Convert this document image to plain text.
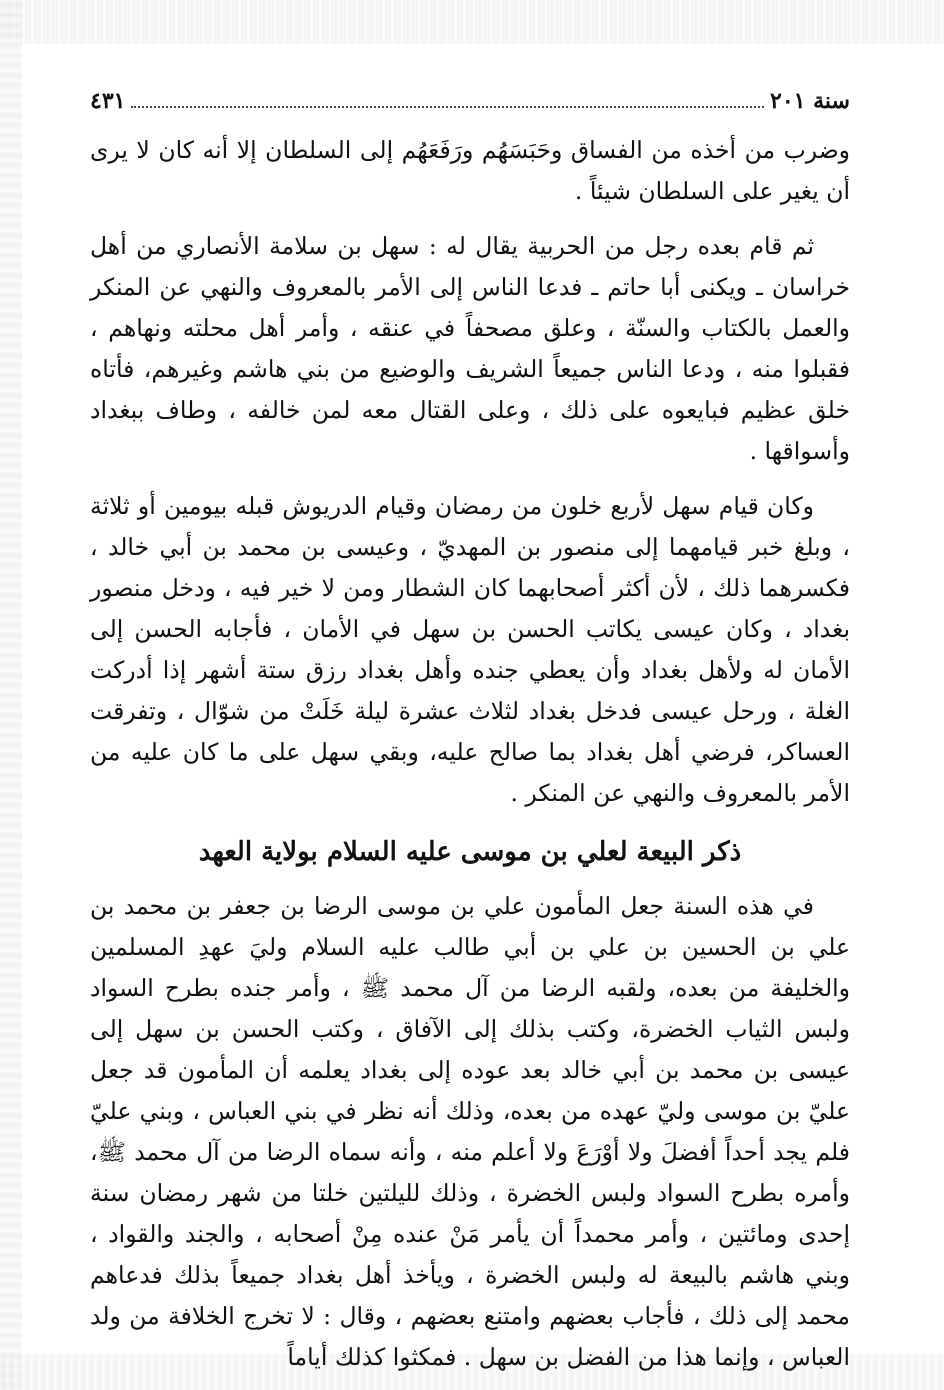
سنة ٢٠١
٤٣١

وضرب من أخذه من الفساق وحَبَسَهُم ورَفَعَهُم إلى السلطان إلا أنه كان لا يرى أن يغير على السلطان شيئاً .

ثم قام بعده رجل من الحربية يقال له : سهل بن سلامة الأنصاري من أهل خراسان ـ ويكنى أبا حاتم ـ فدعا الناس إلى الأمر بالمعروف والنهي عن المنكر والعمل بالكتاب والسنّة ، وعلق مصحفاً في عنقه ، وأمر أهل محلته ونهاهم ، فقبلوا منه ، ودعا الناس جميعاً الشريف والوضيع من بني هاشم وغيرهم، فأتاه خلق عظيم فبايعوه على ذلك ، وعلى القتال معه لمن خالفه ، وطاف ببغداد وأسواقها .

وكان قيام سهل لأربع خلون من رمضان وقيام الدريوش قبله بيومين أو ثلاثة ، وبلغ خبر قيامهما إلى منصور بن المهديّ ، وعيسى بن محمد بن أبي خالد ، فكسرهما ذلك ، لأن أكثر أصحابهما كان الشطار ومن لا خير فيه ، ودخل منصور بغداد ، وكان عيسى يكاتب الحسن بن سهل في الأمان ، فأجابه الحسن إلى الأمان له ولأهل بغداد وأن يعطي جنده وأهل بغداد رزق ستة أشهر إذا أدركت الغلة ، ورحل عيسى فدخل بغداد لثلاث عشرة ليلة خَلَتْ من شوّال ، وتفرقت العساكر، فرضي أهل بغداد بما صالح عليه، وبقي سهل على ما كان عليه من الأمر بالمعروف والنهي عن المنكر .

ذكر البيعة لعلي بن موسى عليه السلام بولاية العهد

في هذه السنة جعل المأمون علي بن موسى الرضا بن جعفر بن محمد بن علي بن الحسين بن علي بن أبي طالب عليه السلام وليَ عهدِ المسلمين والخليفة من بعده، ولقبه الرضا من آل محمد ﷺ ، وأمر جنده بطرح السواد ولبس الثياب الخضرة، وكتب بذلك إلى الآفاق ، وكتب الحسن بن سهل إلى عيسى بن محمد بن أبي خالد بعد عوده إلى بغداد يعلمه أن المأمون قد جعل عليّ بن موسى وليّ عهده من بعده، وذلك أنه نظر في بني العباس ، وبني عليّ فلم يجد أحداً أفضلَ ولا أوْرَعَ ولا أعلم منه ، وأنه سماه الرضا من آل محمد ﷺ، وأمره بطرح السواد ولبس الخضرة ، وذلك لليلتين خلتا من شهر رمضان سنة إحدى ومائتين ، وأمر محمداً أن يأمر مَنْ عنده مِنْ أصحابه ، والجند والقواد ، وبني هاشم بالبيعة له ولبس الخضرة ، ويأخذ أهل بغداد جميعاً بذلك فدعاهم محمد إلى ذلك ، فأجاب بعضهم وامتنع بعضهم ، وقال : لا تخرج الخلافة من ولد العباس ، وإنما هذا من الفضل بن سهل . فمكثوا كذلك أياماً
